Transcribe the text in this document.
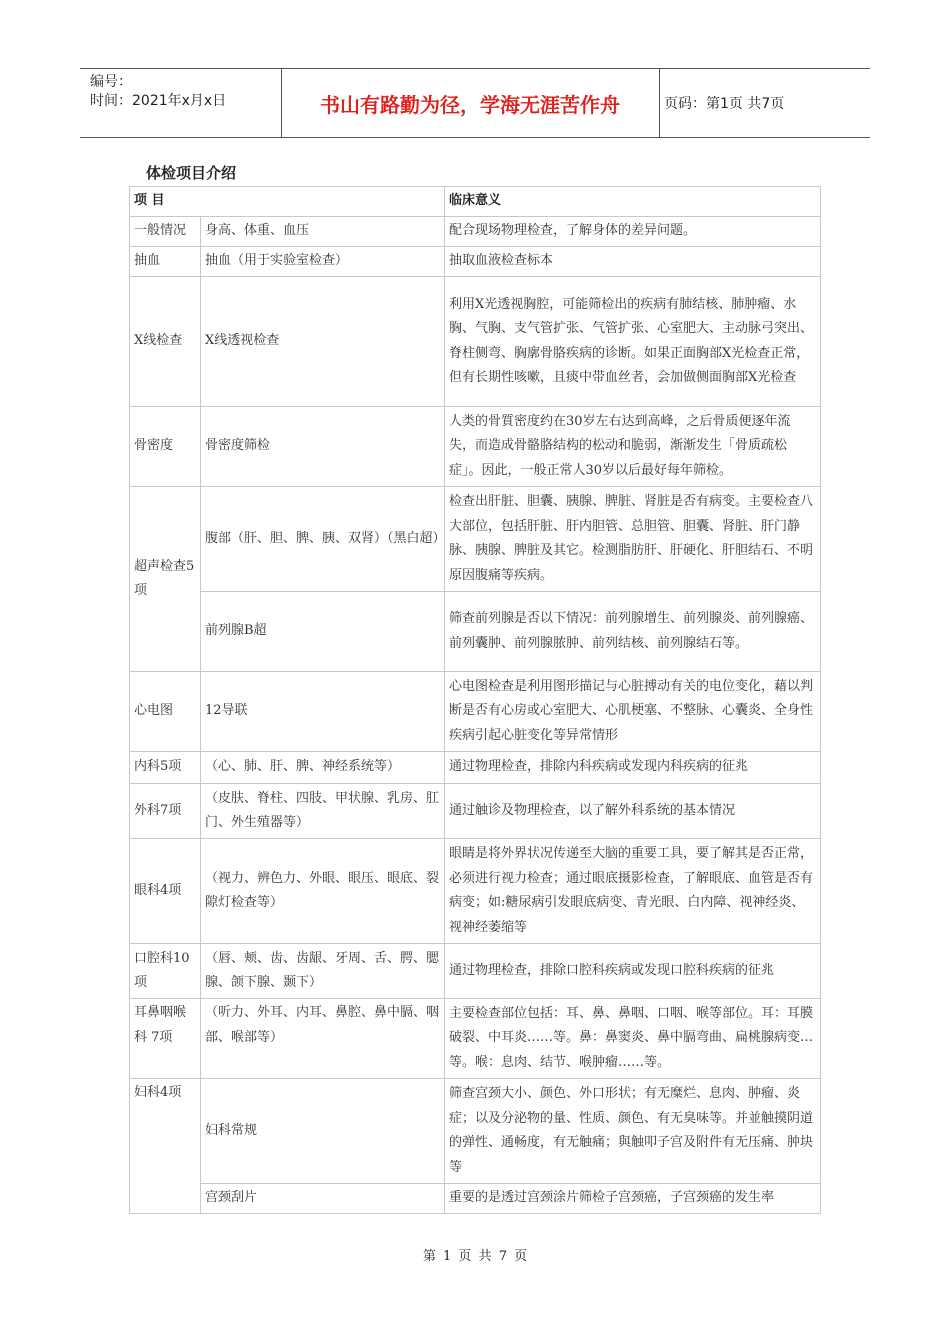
编号：
时间：2021年x月x日	书山有路勤为径，学海无涯苦作舟	页码：第1页 共7页
体检项目介绍
项 目		临床意义
一般情况	身高、体重、血压	配合现场物理检查，了解身体的差异问题。
抽血	抽血（用于实验室检查）	抽取血液检查标本
X线检查	X线透视检查	利用X光透视胸腔，可能筛检出的疾病有肺结核、肺肿瘤、水胸、气胸、支气管扩张、气管扩张、心室肥大、主动脉弓突出、脊柱侧弯、胸廓骨胳疾病的诊断。如果正面胸部X光检查正常，但有长期性咳嗽，且痰中带血丝者，会加做侧面胸部X光检查
骨密度	骨密度筛检	人类的骨質密度约在30岁左右达到高峰，之后骨质便逐年流失，而造成骨骼胳结构的松动和脆弱，渐渐发生「骨质疏松症」。因此，一般正常人30岁以后最好每年筛检。
超声检查5项	腹部（肝、胆、脾、胰、双肾）（黑白超）	检查出肝脏、胆囊、胰腺、脾脏、肾脏是否有病变。主要检查八大部位，包括肝脏、肝内胆管、总胆管、胆囊、肾脏、肝门静脉、胰腺、脾脏及其它。检测脂肪肝、肝硬化、肝胆结石、不明原因腹痛等疾病。
	前列腺B超	筛查前列腺是否以下情况：前列腺增生、前列腺炎、前列腺癌、前列囊肿、前列腺脓肿、前列结核、前列腺结石等。
心电图	12导联	心电图检查是利用图形描记与心脏搏动有关的电位变化，藉以判断是否有心房或心室肥大、心肌梗塞、不整脉、心囊炎、全身性疾病引起心脏变化等异常情形
内科5项	（心、肺、肝、脾、神经系统等）	通过物理检查，排除内科疾病或发现内科疾病的征兆
外科7项	（皮肤、脊柱、四肢、甲状腺、乳房、肛门、外生殖器等）	通过触诊及物理检查，以了解外科系统的基本情况
眼科4项	（视力、辨色力、外眼、眼压、眼底、裂隙灯检查等）	眼睛是将外界状况传递至大脑的重要工具，要了解其是否正常，必须进行视力检查；通过眼底摄影检查，了解眼底、血管是否有病变；如:糖尿病引发眼底病变、青光眼、白内障、视神经炎、视神经萎缩等
口腔科10项	（唇、颊、齿、齿龈、牙周、舌、腭、腮腺、颌下腺、颞下）	通过物理检查，排除口腔科疾病或发现口腔科疾病的征兆
耳鼻咽喉科 7项	（听力、外耳、内耳、鼻腔、鼻中膈、咽部、喉部等）	主要检查部位包括：耳、鼻、鼻咽、口咽、喉等部位。耳：耳膜破裂、中耳炎……等。鼻：鼻窦炎、鼻中膈弯曲、扁桃腺病变…等。喉：息肉、结节、喉肿瘤……等。
妇科4项	妇科常规	筛查宫颈大小、颜色、外口形状；有无糜烂、息肉、肿瘤、炎症；以及分泌物的量、性质、颜色、有无臭味等。并並触摸阴道的弹性、通畅度，有无触痛；與触叩子宫及附件有无压痛、肿块等
	宫颈刮片	重要的是透过宫颈涂片筛检子宫颈癌，子宫颈癌的发生率
第 1 页 共 7 页
